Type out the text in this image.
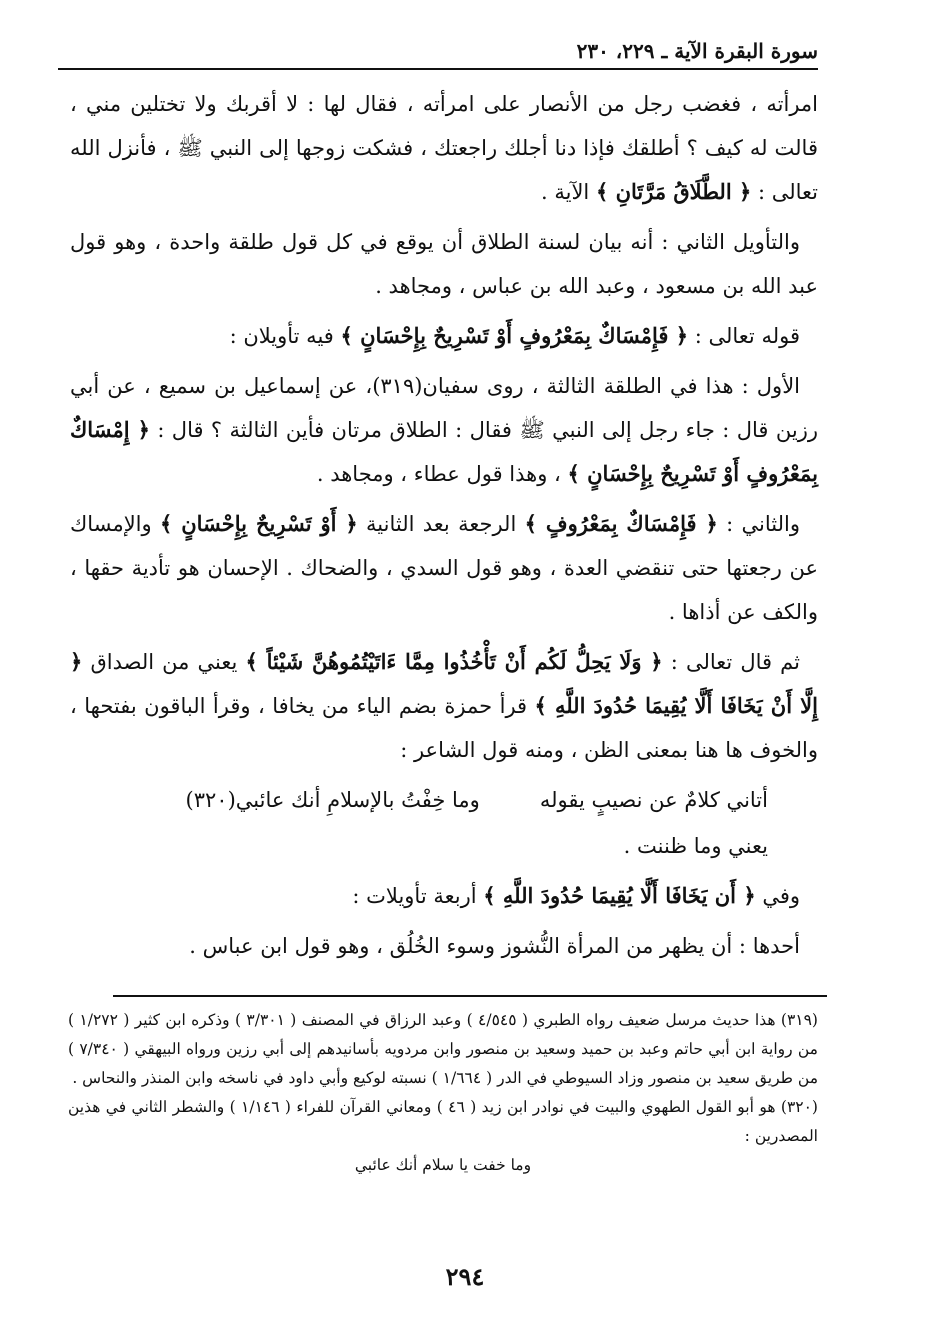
سورة البقرة الآية ـ ٢٢٩، ٢٣٠

امرأته ، فغضب رجل من الأنصار على امرأته ، فقال لها : لا أقربك ولا تختلين مني ، قالت له كيف ؟ أطلقك فإذا دنا أجلك راجعتك ، فشكت زوجها إلى النبي ﷺ ، فأنزل الله تعالى : ﴿ الطَّلَاقُ مَرَّتَانِ ﴾ الآية .

والتأويل الثاني : أنه بيان لسنة الطلاق أن يوقع في كل قول طلقة واحدة ، وهو قول عبد الله بن مسعود ، وعبد الله بن عباس ، ومجاهد .

قوله تعالى : ﴿ فَإِمْسَاكٌ بِمَعْرُوفٍ أَوْ تَسْرِيحٌ بِإِحْسَانٍ ﴾ فيه تأويلان :

الأول : هذا في الطلقة الثالثة ، روى سفيان(٣١٩)، عن إسماعيل بن سميع ، عن أبي رزين قال : جاء رجل إلى النبي ﷺ فقال : الطلاق مرتان فأين الثالثة ؟ قال : ﴿ إِمْسَاكٌ بِمَعْرُوفٍ أَوْ تَسْرِيحٌ بِإِحْسَانٍ ﴾ ، وهذا قول عطاء ، ومجاهد .

والثاني : ﴿ فَإِمْسَاكٌ بِمَعْرُوفٍ ﴾ الرجعة بعد الثانية ﴿ أَوْ تَسْرِيحٌ بِإِحْسَانٍ ﴾ والإمساك عن رجعتها حتى تنقضي العدة ، وهو قول السدي ، والضحاك . الإحسان هو تأدية حقها ، والكف عن أذاها .

ثم قال تعالى : ﴿ وَلَا يَحِلُّ لَكُم أَنْ تَأْخُذُوا مِمَّا ءَاتَيْتُمُوهُنَّ شَيْئاً ﴾ يعني من الصداق ﴿ إِلَّا أَنْ يَخَافَا أَلَّا يُقِيمَا حُدُودَ اللَّهِ ﴾ قرأ حمزة بضم الياء من يخافا ، وقرأ الباقون بفتحها ، والخوف ها هنا بمعنى الظن ، ومنه قول الشاعر :

أتاني كلامٌ عن نصيبٍ يقوله
وما خِفْتُ بالإسلامِ أنك عائبي(٣٢٠)

يعني وما ظننت .

وفي ﴿ أَن يَخَافَا أَلَّا يُقِيمَا حُدُودَ اللَّهِ ﴾ أربعة تأويلات :

أحدها : أن يظهر من المرأة النُّشوز وسوء الخُلُق ، وهو قول ابن عباس .

(٣١٩) هذا حديث مرسل ضعيف رواه الطبري ( ٤/٥٤٥ ) وعبد الرزاق في المصنف ( ٣/٣٠١ ) وذكره ابن كثير ( ١/٢٧٢ ) من رواية ابن أبي حاتم وعبد بن حميد وسعيد بن منصور وابن مردويه بأسانيدهم إلى أبي رزين ورواه البيهقي ( ٧/٣٤٠ ) من طريق سعيد بن منصور وزاد السيوطي في الدر ( ١/٦٦٤ ) نسبته لوكيع وأبي داود في ناسخه وابن المنذر والنحاس .

(٣٢٠) هو أبو القول الطهوي والبيت في نوادر ابن زيد ( ٤٦ ) ومعاني القرآن للفراء ( ١/١٤٦ ) والشطر الثاني في هذين المصدرين :

وما خفت يا سلام أنك عائبي

٢٩٤
